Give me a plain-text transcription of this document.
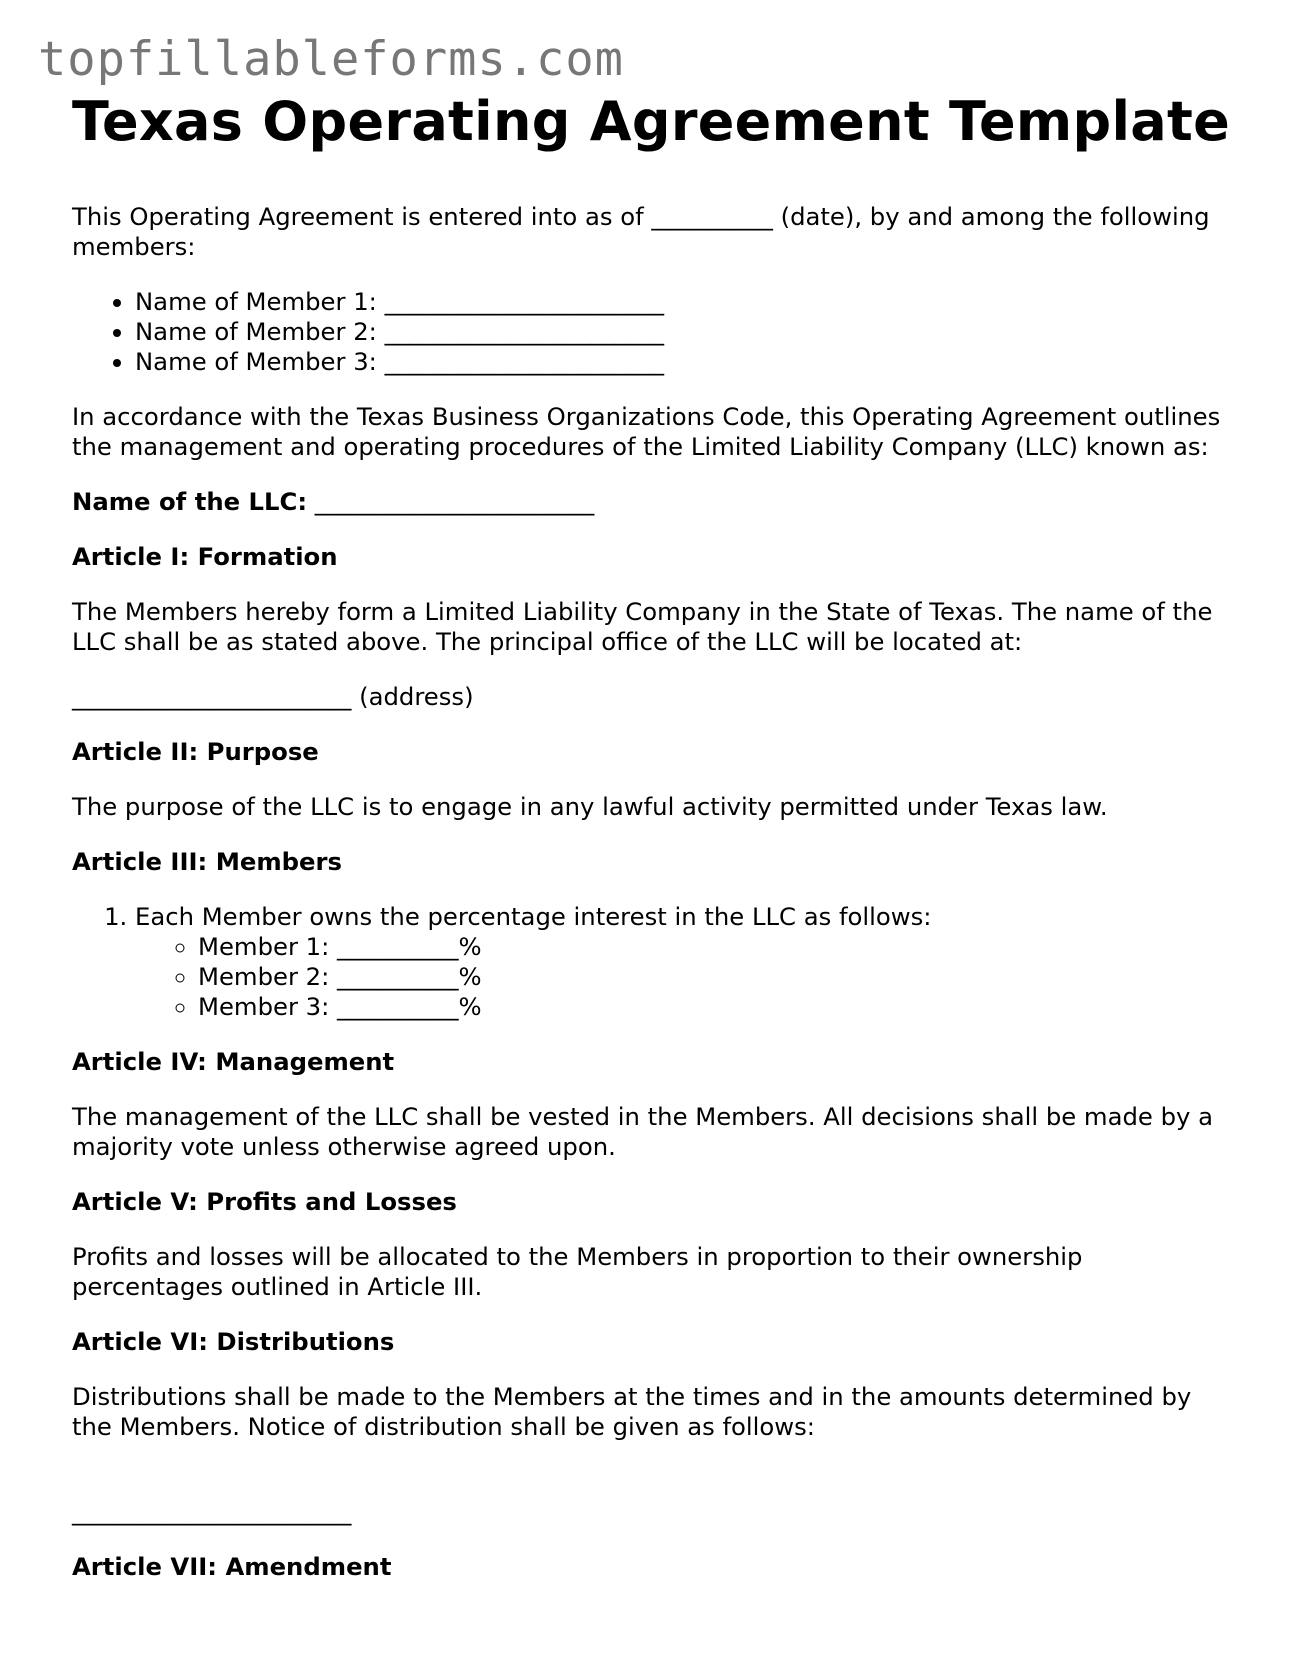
topfillableforms.com
Texas Operating Agreement Template

This Operating Agreement is entered into as of __________ (date), by and among the following members:

• Name of Member 1: _______________________
• Name of Member 2: _______________________
• Name of Member 3: _______________________

In accordance with the Texas Business Organizations Code, this Operating Agreement outlines the management and operating procedures of the Limited Liability Company (LLC) known as:

Name of the LLC: _______________________

Article I: Formation

The Members hereby form a Limited Liability Company in the State of Texas. The name of the LLC shall be as stated above. The principal office of the LLC will be located at:

_______________________ (address)

Article II: Purpose

The purpose of the LLC is to engage in any lawful activity permitted under Texas law.

Article III: Members

1. Each Member owns the percentage interest in the LLC as follows:
◦ Member 1: __________%
◦ Member 2: __________%
◦ Member 3: __________%

Article IV: Management

The management of the LLC shall be vested in the Members. All decisions shall be made by a majority vote unless otherwise agreed upon.

Article V: Profits and Losses

Profits and losses will be allocated to the Members in proportion to their ownership percentages outlined in Article III.

Article VI: Distributions

Distributions shall be made to the Members at the times and in the amounts determined by the Members. Notice of distribution shall be given as follows:

_______________________

Article VII: Amendment
